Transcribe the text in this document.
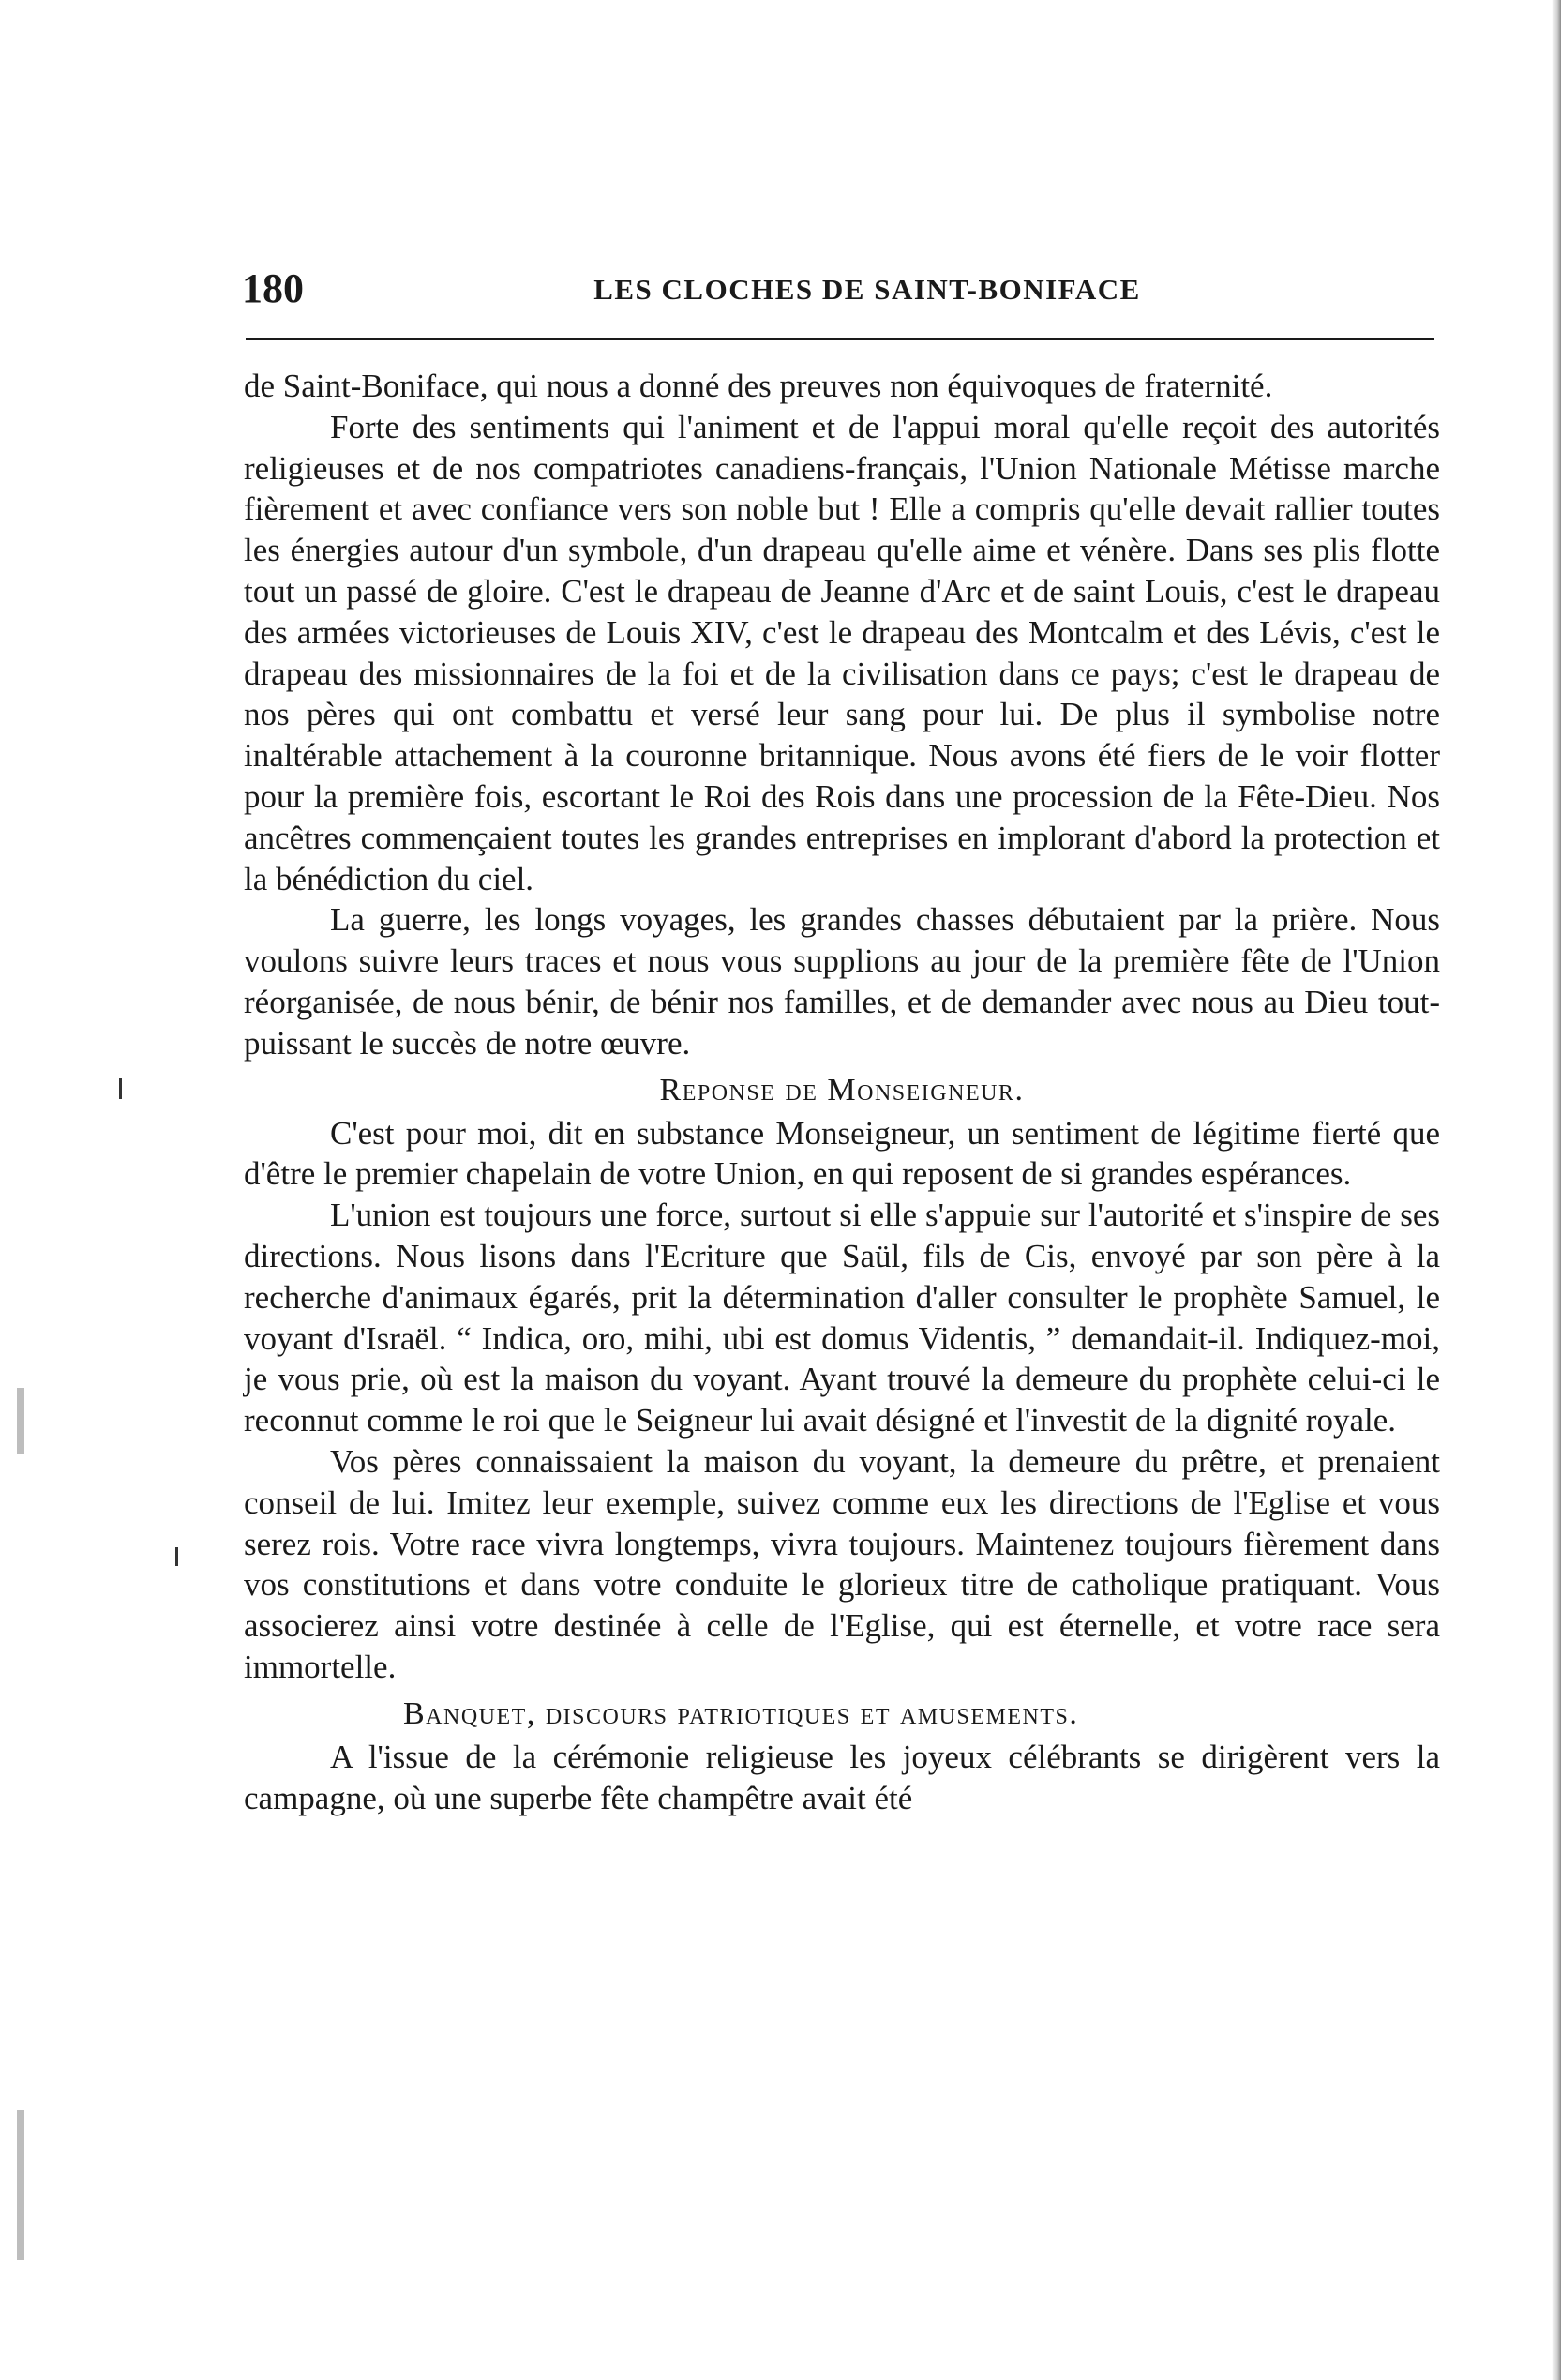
180	LES CLOCHES DE SAINT-BONIFACE

de Saint-Boniface, qui nous a donné des preuves non équivoques de fraternité.

Forte des sentiments qui l'animent et de l'appui moral qu'elle reçoit des autorités religieuses et de nos compatriotes canadiens-français, l'Union Nationale Métisse marche fièrement et avec confiance vers son noble but ! Elle a compris qu'elle devait rallier toutes les énergies autour d'un symbole, d'un drapeau qu'elle aime et vénère. Dans ses plis flotte tout un passé de gloire. C'est le drapeau de Jeanne d'Arc et de saint Louis, c'est le drapeau des armées victorieuses de Louis XIV, c'est le drapeau des Montcalm et des Lévis, c'est le drapeau des missionnaires de la foi et de la civilisation dans ce pays; c'est le drapeau de nos pères qui ont combattu et versé leur sang pour lui. De plus il symbolise notre inaltérable attachement à la couronne britannique. Nous avons été fiers de le voir flotter pour la première fois, escortant le Roi des Rois dans une procession de la Fête-Dieu. Nos ancêtres commençaient toutes les grandes entreprises en implorant d'abord la protection et la bénédiction du ciel.

La guerre, les longs voyages, les grandes chasses débutaient par la prière. Nous voulons suivre leurs traces et nous vous supplions au jour de la première fête de l'Union réorganisée, de nous bénir, de bénir nos familles, et de demander avec nous au Dieu tout-puissant le succès de notre œuvre.

Reponse de Monseigneur.

C'est pour moi, dit en substance Monseigneur, un sentiment de légitime fierté que d'être le premier chapelain de votre Union, en qui reposent de si grandes espérances.

L'union est toujours une force, surtout si elle s'appuie sur l'autorité et s'inspire de ses directions. Nous lisons dans l'Ecriture que Saül, fils de Cis, envoyé par son père à la recherche d'animaux égarés, prit la détermination d'aller consulter le prophète Samuel, le voyant d'Israël. “ Indica, oro, mihi, ubi est domus Videntis, ” demandait-il. Indiquez-moi, je vous prie, où est la maison du voyant. Ayant trouvé la demeure du prophète celui-ci le reconnut comme le roi que le Seigneur lui avait désigné et l'investit de la dignité royale.

Vos pères connaissaient la maison du voyant, la demeure du prêtre, et prenaient conseil de lui. Imitez leur exemple, suivez comme eux les directions de l'Eglise et vous serez rois. Votre race vivra longtemps, vivra toujours. Maintenez toujours fièrement dans vos constitutions et dans votre conduite le glorieux titre de catholique pratiquant. Vous associerez ainsi votre destinée à celle de l'Eglise, qui est éternelle, et votre race sera immortelle.

Banquet, discours patriotiques et amusements.

A l'issue de la cérémonie religieuse les joyeux célébrants se dirigèrent vers la campagne, où une superbe fête champêtre avait été
